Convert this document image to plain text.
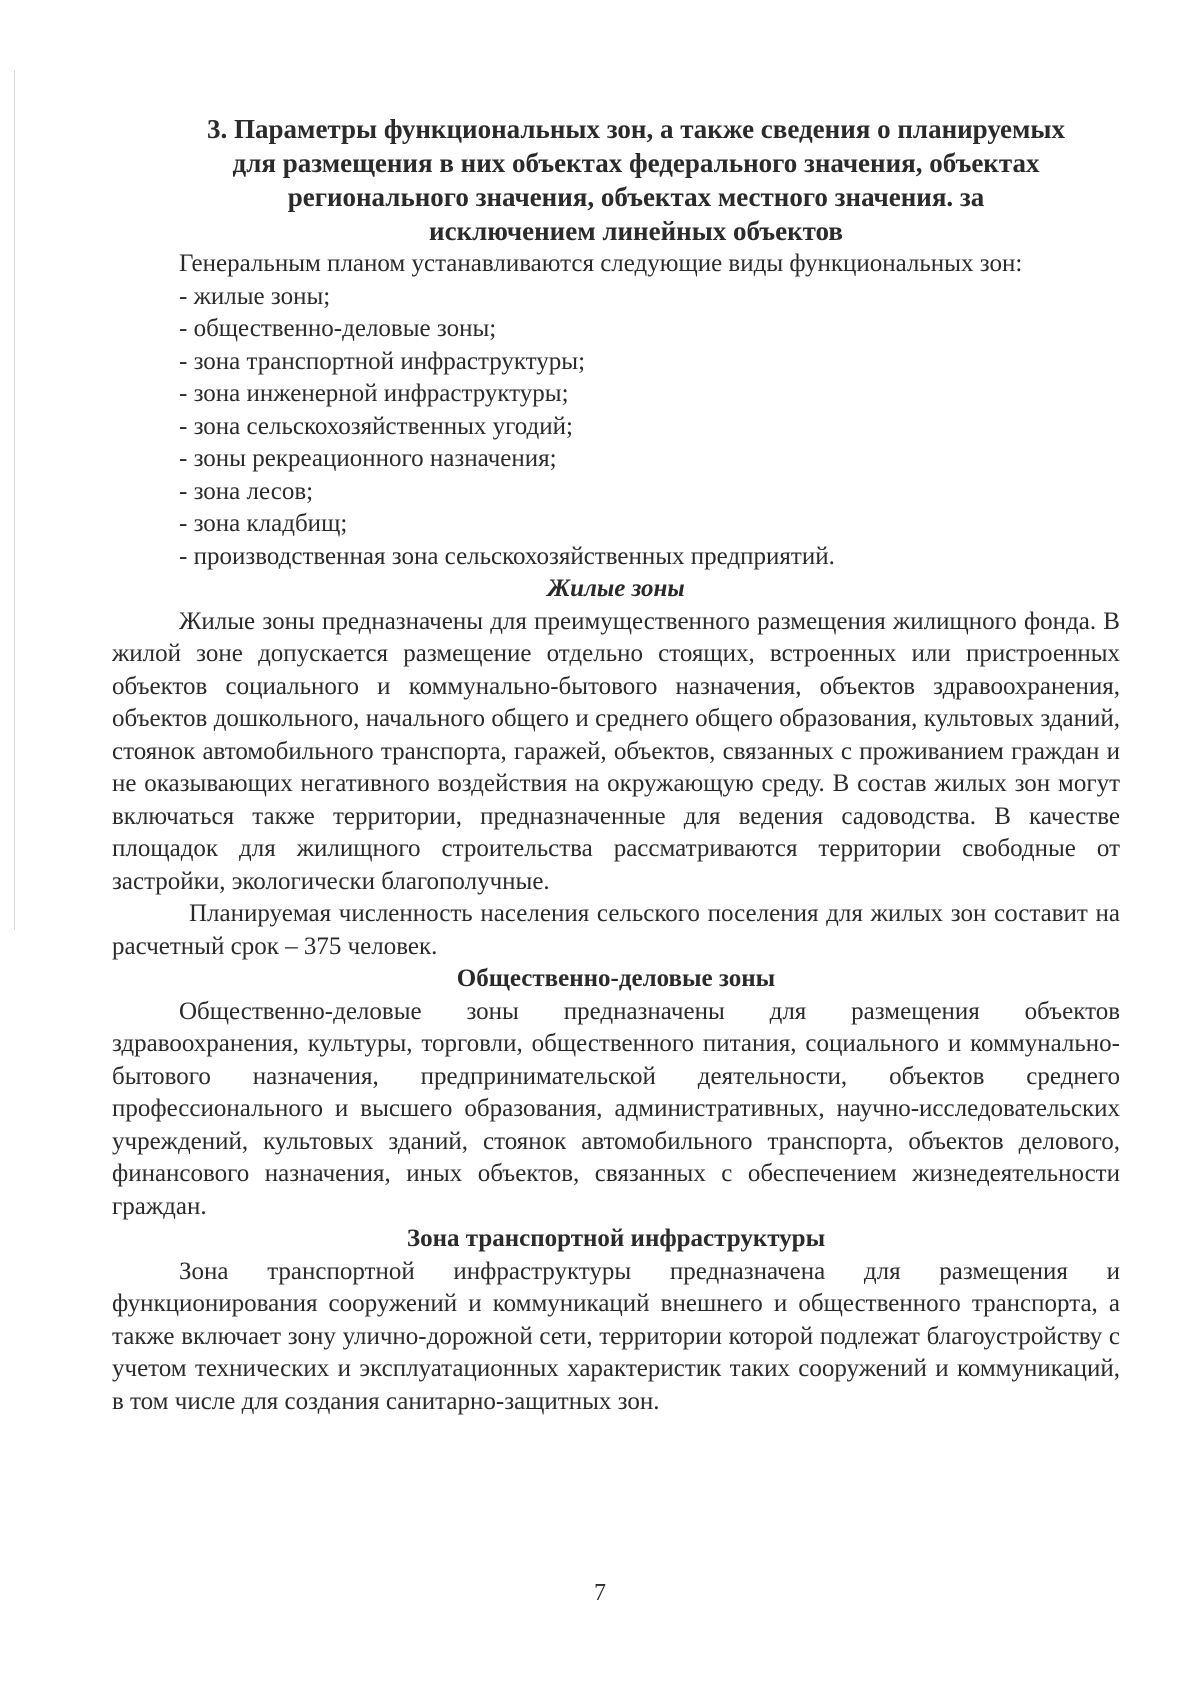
3. Параметры функциональных зон, а также сведения о планируемых
для размещения в них объектах федерального значения, объектах
регионального значения, объектах местного значения. за
исключением линейных объектов

Генеральным планом устанавливаются следующие виды функциональных зон:

- жилые зоны;
- общественно-деловые зоны;
- зона транспортной инфраструктуры;
- зона инженерной инфраструктуры;
- зона сельскохозяйственных угодий;
- зоны рекреационного назначения;
- зона лесов;
- зона кладбищ;
- производственная зона сельскохозяйственных предприятий.
Жилые зоны

Жилые зоны предназначены для преимущественного размещения жилищного фонда. В жилой зоне допускается размещение отдельно стоящих, встроенных или пристроенных объектов социального и коммунально-бытового назначения, объектов здравоохранения, объектов дошкольного, начального общего и среднего общего образования, культовых зданий, стоянок автомобильного транспорта, гаражей, объектов, связанных с проживанием граждан и не оказывающих негативного воздействия на окружающую среду. В состав жилых зон могут включаться также территории, предназначенные для ведения садоводства. В качестве площадок для жилищного строительства рассматриваются территории свободные от застройки, экологически благополучные.

Планируемая численность населения сельского поселения для жилых зон составит на расчетный срок – 375 человек.

Общественно-деловые зоны

Общественно-деловые зоны предназначены для размещения объектов здравоохранения, культуры, торговли, общественного питания, социального и коммунально-бытового назначения, предпринимательской деятельности, объектов среднего профессионального и высшего образования, административных, научно-исследовательских учреждений, культовых зданий, стоянок автомобильного транспорта, объектов делового, финансового назначения, иных объектов, связанных с обеспечением жизнедеятельности граждан.

Зона транспортной инфраструктуры

Зона транспортной инфраструктуры предназначена для размещения и функционирования сооружений и коммуникаций внешнего и общественного транспорта, а также включает зону улично-дорожной сети, территории которой подлежат благоустройству с учетом технических и эксплуатационных характеристик таких сооружений и коммуникаций, в том числе для создания санитарно-защитных зон.

7
